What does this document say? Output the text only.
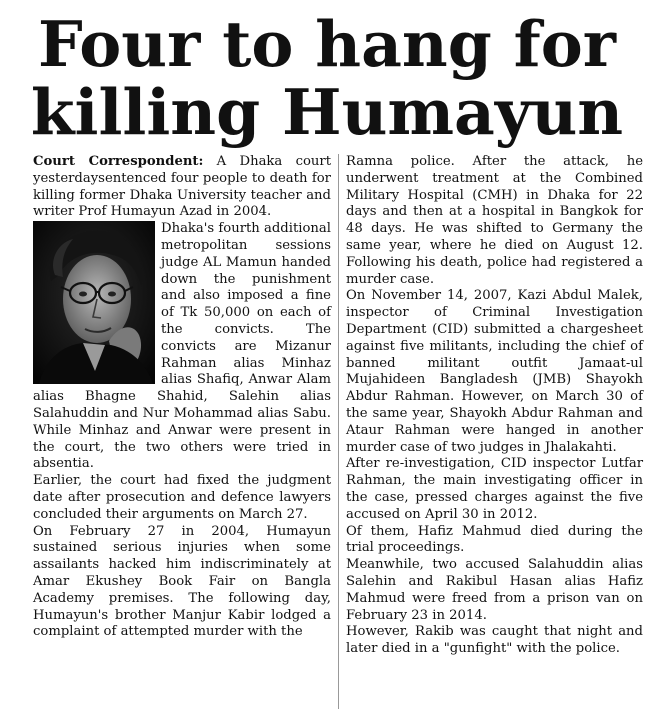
Four to hang for
killing Humayun

Court Correspondent: A Dhaka court yesterdaysentenced four people to death for killing former Dhaka University teacher and writer Prof Humayun Azad in 2004.

Dhaka's fourth additional metropolitan sessions judge AL Mamun handed down the punishment and also imposed a fine of Tk 50,000 on each of the convicts. The convicts are Mizanur Rahman alias Minhaz alias Shafiq, Anwar Alam alias Bhagne Shahid, Salehin alias Salahuddin and Nur Mohammad alias Sabu. While Minhaz and Anwar were present in the court, the two others were tried in absentia.

Earlier, the court had fixed the judgment date after prosecution and defence lawyers concluded their arguments on March 27.

On February 27 in 2004, Humayun sustained serious injuries when some assailants hacked him indiscriminately at Amar Ekushey Book Fair on Bangla Academy premises. The following day, Humayun's brother Manjur Kabir lodged a complaint of attempted murder with the

Ramna police. After the attack, he underwent treatment at the Combined Military Hospital (CMH) in Dhaka for 22 days and then at a hospital in Bangkok for 48 days. He was shifted to Germany the same year, where he died on August 12. Following his death, police had registered a murder case.

On November 14, 2007, Kazi Abdul Malek, inspector of Criminal Investigation Department (CID) submitted a chargesheet against five militants, including the chief of banned militant outfit Jamaat-ul Mujahideen Bangladesh (JMB) Shayokh Abdur Rahman. However, on March 30 of the same year, Shayokh Abdur Rahman and Ataur Rahman were hanged in another murder case of two judges in Jhalakahti.

After re-investigation, CID inspector Lutfar Rahman, the main investigating officer in the case, pressed charges against the five accused on April 30 in 2012.

Of them, Hafiz Mahmud died during the trial proceedings.

Meanwhile, two accused Salahuddin alias Salehin and Rakibul Hasan alias Hafiz Mahmud were freed from a prison van on February 23 in 2014.

However, Rakib was caught that night and later died in a "gunfight" with the police.
